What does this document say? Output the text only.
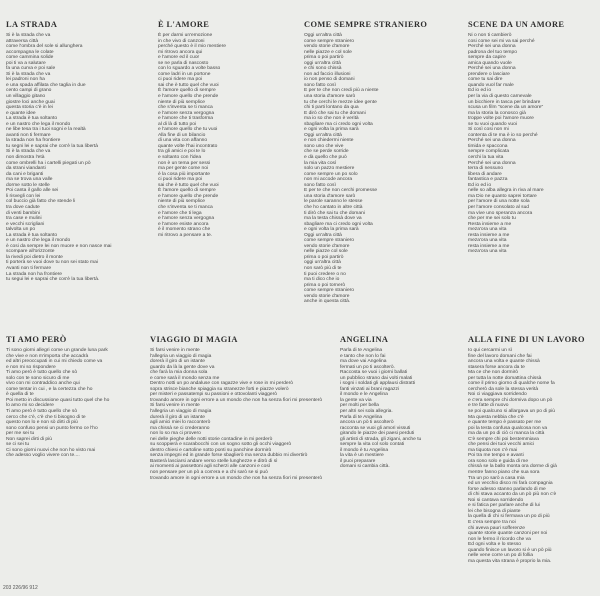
LA STRADA
Si è la strada che va
attraversa città
come l'ombra del sole si allunghera
accompagna le colate
come cammina solide
poi ti va a salutare
fa una curva e poi sale
Si è la strada che va
lei padroni non ha
e una spada affilata che taglia in due
cento campi di grano
un villaggio gitano
giostre loci anche guai
questa storia c'è in lei
e quante idee
La strada è tua soltanto
e un nastro che lega il mondo
ne libe tesa tra i tuoi sogni e la realtà
avanti non ti fermare
la strada non ha frontiere
tu segni lei e saprai che cos'è la tua libertà
Si è la strada che va
non dimostra l'età
come ombrelli ha i cartelli piegati un pò
da strani viandanti
da cani e briganti
ma se trova una valle
dorme sotto le stelle
Poi canta il gallo alle sei
li risvegli con lei
col buccio già fatto che stende li
tra dove cadute
di venti bambini
tra case e mulini
e vecchi scrigliani
talvolta un po
La strada è tua soltanto
e un nastro che lega il mondo
è cosi da sempre lei non muore e non nasce mai
scompare all'orizzonte
la rivedi poi dietro il monte
ti porterà se vuoi dove tu non sei stato mai
Avanti non ti fermare
La strada non ha frontiere
tu segui lei e saprai che cos'è la tua libertà.
È L'AMORE
È per darmi un'emozione
in che vivo di canzoni
perché questo è il mio mestiere
mi ritrovo ancora qui
e l'amore ed il cuor
se ne parla di nascosto
con lo sguardo a volte basso
come ladri in un portone
ci puoi ridere ma poi
sai che è tutto quel che vuoi
È l'amore quello di sempre
e l'amore quello che prende
niente di più semplice
che s'inventa se ti manca
e l'amore senza vergogna
e l'amore che ti trasforma
al di là di tutto poi
e l'amore quello che tu vuoi
Alla fine di un bilancio
di una vita con affanno
quante volte l'hai incontrato
tra gli amici e poi te lo
e soltanto con l'idea
non è un tema per sessi
ma per gente come noi
è la cosa più importante
ci puoi ridere ma poi
sai che è tutto quel che vuoi
È l'amore quello di sempre
e l'amore quello che prende
niente di più semplice
che s'inventa se ti manca
e l'amore che ti lega
e l'amore senza vergogna
e l'amore esiste ancora
è il momento strano che
mi ritrovo a pensare a te.
COME SEMPRE STRANIERO
Oggi un'altra città
come sempre straniero
vendo storie d'amore
nelle piazze e col sole
prima o poi partirò
oggi un'altra città
e chi sono chissà
non ad faccio illusioni
io non penso di domani
sono fatto così
E per te che non credi più a niente
una storia d'amore sarò
tu che cerchi le mezze idee gente
chi ti parti lontano da qua
E dirò che sai tu che domani
ma io so che non è verità
sbagliare ma ci credo ogni volta
e ogni volta la prima sarà
Oggi un'altra città
e non chiedermi niente
sono uno che vive
che se perde sorride
e dà quello che può
la mia vita così
solo un pazzo mestiere
come sempre un po solo
non mi accode ancora
sono fatto così
E per te che non cerchi promesse
una storia d'amore sarò
le parole saranno le stesse
che ho cantato in altre città
ti dirò che sai tu che domani
ma la testa chissà dove va
sbagliare ma ci credo ogni volta
e ogni volta la prima sarà
Oggi un'altra città
come sempre straniero
vendo storie d'amore
nelle piazze col sole
prima o poi partirò
oggi un'altra città
non sarò più di te
ti puoi credere o no
ma ti dico che io
prima o poi tornerò
come sempre straniero
vendo storie d'amore
anche in questa città.
SCENE DA UN AMORE
Ni o non ti cambierò
cosi come sei mi va sai perché
Perché sei una donna
padrona del tuo tempo
sempre da capire
amica quando vuole
Perché sei una donna
prendere o lasciare
come tu sai dire
quando vuol far male
Ed io ed io
per la via di questo carnevale
un bicchiere in tasca per brindare
scusa un film "scene da un amore"
ma la storia la conosco già
troppe volte poi l'amore muore
se tu vuoi quando vuoi
Si così cosi non mi
contenta di te ma è io so perché
Perché sei una donna
timida e spaccona
sempre complicata
cerchi la tua vita
Perché sei una donna
terra di nessuno
libera di andare
fantastica e pazza
Ed io ed io
nelle so alba allegra in riva al mare
ma Dio ne quanto saprei tortare
per l'amore di una notte sola
per l'amore consolato al sud
ma vive uno speranza ancora
che per me sei solo tu
Resta insieme a me
meza'ora una vita
resta insieme a me
meza'ora una vita
resta insieme a me
meza'ora una vita
TI AMO PERÒ
Ti sono giorni allegri come un grande luna park
che vive e non m'importa che accadrà
ed altri preoccupati in cui mi chiedo come va
e non mi so rispondere
Ti amo però è tutto quello che sò
solo con te sono sicuro di me
vivo con mi contraddico anche qui
come tentar in cui , e la certezza che ho
è quella di te
Poi metto in discussione quasi tutto quel che ho
lo amo mi so decidere
Ti amo però è tutto quello che sò
cerco che c'è, c'è che ti bisogno di te
questo non lo e non sò dirti di più
sono confuso pensi un punto fermo ce l'ho
per me sei tu
Non saprei dirti di più
se ci sei tu
Ci sono giorni nuovi che non ho visto mai
che adesso voglio vivere con te....
VIAGGIO DI MAGIA
Si farsi venire in mente
l'allegria un viaggio di magia
dorerà il giro di un istante
guardo da là la gente dove va
che farà la mia donna sola
e come sarà il mondo senza me
Dentro notti un po andaluse con ragazze vive e rose in mi perderò
sopra strisce bianche spiaggia su stranezze forti e piazze volerò
per misteri e passatempi su passioni e ottovolanti viaggerò
trovando amore in ogni errore a un mondo che non ha senza fiori mi presenterò
Si farsi venire in mente
l'allegria un viaggio di magia
durerà il giro di un istante
agli amici miei lo racconterò
ma chissà se ci crederanno
non lo so ma ci provero
nei delle pieghe delle notti storie contadine in mi perderò
su scoppierà e scarabocchi con un sogno sotto gli occhi viaggerò
dentro chiesi e cartoline sotto ponti su panchine dormirò
senza impegni ed in grande forse sbaglierò ma senza dubbio mi divertirò
Basterà lasciarsi andare verso stelle lunghezze e ditrò di sì
ai momenti ai passettoni agli scherzi alle canzoni e così
non pensare per un pò a cos'era e a chi sarò se si può
trovando amore in ogni errore a un mondo che non ha senza fiori mi presenterò
ANGELINA
Parla di te Angelina
e tanto che non lo fai
ma dove vai Angelina
fermati un po ti ascolterò.
Raccosta se vuoi i giorni ballati
un pubblico strano dai volti malati
i sogni i soldati gli applausi distratti
fanti vinzati ai brani ragazzi
il mondo e le Angelina
la gente va via
per molti per bella
per altri sei sola allegria.
Parla di te Angelina
ancora un pò ti ascolterò
racconta se vuoi gli amori vissuti
girando le piazze dei paesi perduti
gli artisti di strada, gli zigani, anche tu
sempre la vita col solo contati
il mondo è tu Angelina
la vita è un mestiere
il puoi preparare
domani si cambia città.
ALLA FINE DI UN LAVORO
Io qui cercarmi un sì
fine del lavoro domani che fai
ancora una volta e quante chissà
stasera forse ancora da te
Ma ce che non dormirò
per tutta la notte domattina chissà
come il primo giorno di qualche nome fa
cercherò da sole la stessa verità
Noi ci viaggiava sorridendo
e c'era sempre chi dormiva dopo un pò
e tre fatte di nuovo
se poi qualcuno si allargava un po di più
Ma questa nebbia che c'è
e quante tempo è passato per me
poi la testa confusa qualcosa non va
ma da un po di ciò ci manca la città
C'è sempre chi poi bestemmiava
che pensi dei tuoi vecchi amici
ma tiquota non c'è mai
Poi tra me tempo e avanti
ora sono solo e guida di me
chissà se la ballo monta ora dorme di già
mentre fanno piano che sua sora
Tra un po sarò a casa mia
ed un vecchio disco mi farà compagnia
forse adesso stanno parlando di me
di chi stava accanto da un pò più non c'è
Noi si cantava sorridendo
e si fatica per parlare anche di lui
lei che bisogna di piante
la quella di chi si fermava un po di più
E c'era sempre tra noi
chi aveva pauri sofferenze
quante storie quante canzoni per noi
non le fermo il ricordo che va
Ed ogni volta e lo stesso
quando finisce un lavoro si è un pò più
nelle vene corre un po di follia
ma questa vita strana è proprio la mia.
203 226/96 912
